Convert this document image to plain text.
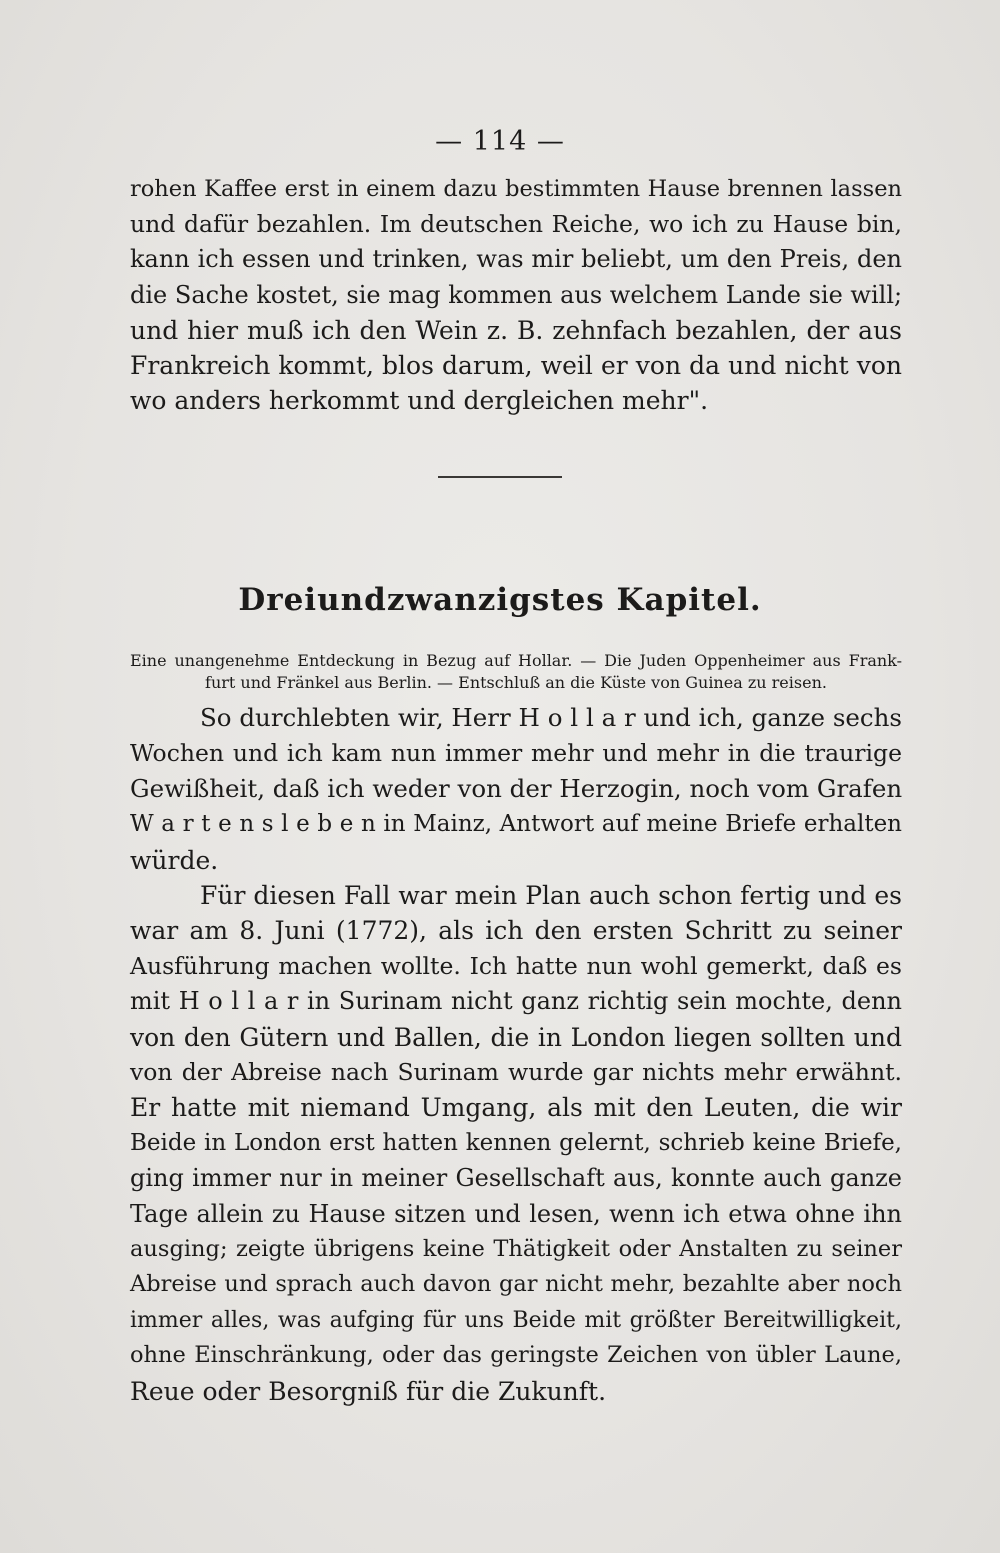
— 114 —
rohen Kaffee erst in einem dazu bestimmten Hause brennen lassen
und dafür bezahlen. Im deutschen Reiche, wo ich zu Hause bin,
kann ich essen und trinken, was mir beliebt, um den Preis, den
die Sache kostet, sie mag kommen aus welchem Lande sie will;
und hier muß ich den Wein z. B. zehnfach bezahlen, der aus
Frankreich kommt, blos darum, weil er von da und nicht von
wo anders herkommt und dergleichen mehr".
Dreiundzwanzigstes Kapitel.
Eine unangenehme Entdeckung in Bezug auf Hollar. — Die Juden Oppenheimer aus Frank-
furt und Fränkel aus Berlin. — Entschluß an die Küste von Guinea zu reisen.
So durchlebten wir, Herr H o l l a r und ich, ganze sechs
Wochen und ich kam nun immer mehr und mehr in die traurige
Gewißheit, daß ich weder von der Herzogin, noch vom Grafen
W a r t e n s l e b e n in Mainz, Antwort auf meine Briefe erhalten
würde.
Für diesen Fall war mein Plan auch schon fertig und es
war am 8. Juni (1772), als ich den ersten Schritt zu seiner
Ausführung machen wollte. Ich hatte nun wohl gemerkt, daß es
mit H o l l a r in Surinam nicht ganz richtig sein mochte, denn
von den Gütern und Ballen, die in London liegen sollten und
von der Abreise nach Surinam wurde gar nichts mehr erwähnt.
Er hatte mit niemand Umgang, als mit den Leuten, die wir
Beide in London erst hatten kennen gelernt, schrieb keine Briefe,
ging immer nur in meiner Gesellschaft aus, konnte auch ganze
Tage allein zu Hause sitzen und lesen, wenn ich etwa ohne ihn
ausging; zeigte übrigens keine Thätigkeit oder Anstalten zu seiner
Abreise und sprach auch davon gar nicht mehr, bezahlte aber noch
immer alles, was aufging für uns Beide mit größter Bereitwilligkeit,
ohne Einschränkung, oder das geringste Zeichen von übler Laune,
Reue oder Besorgniß für die Zukunft.
